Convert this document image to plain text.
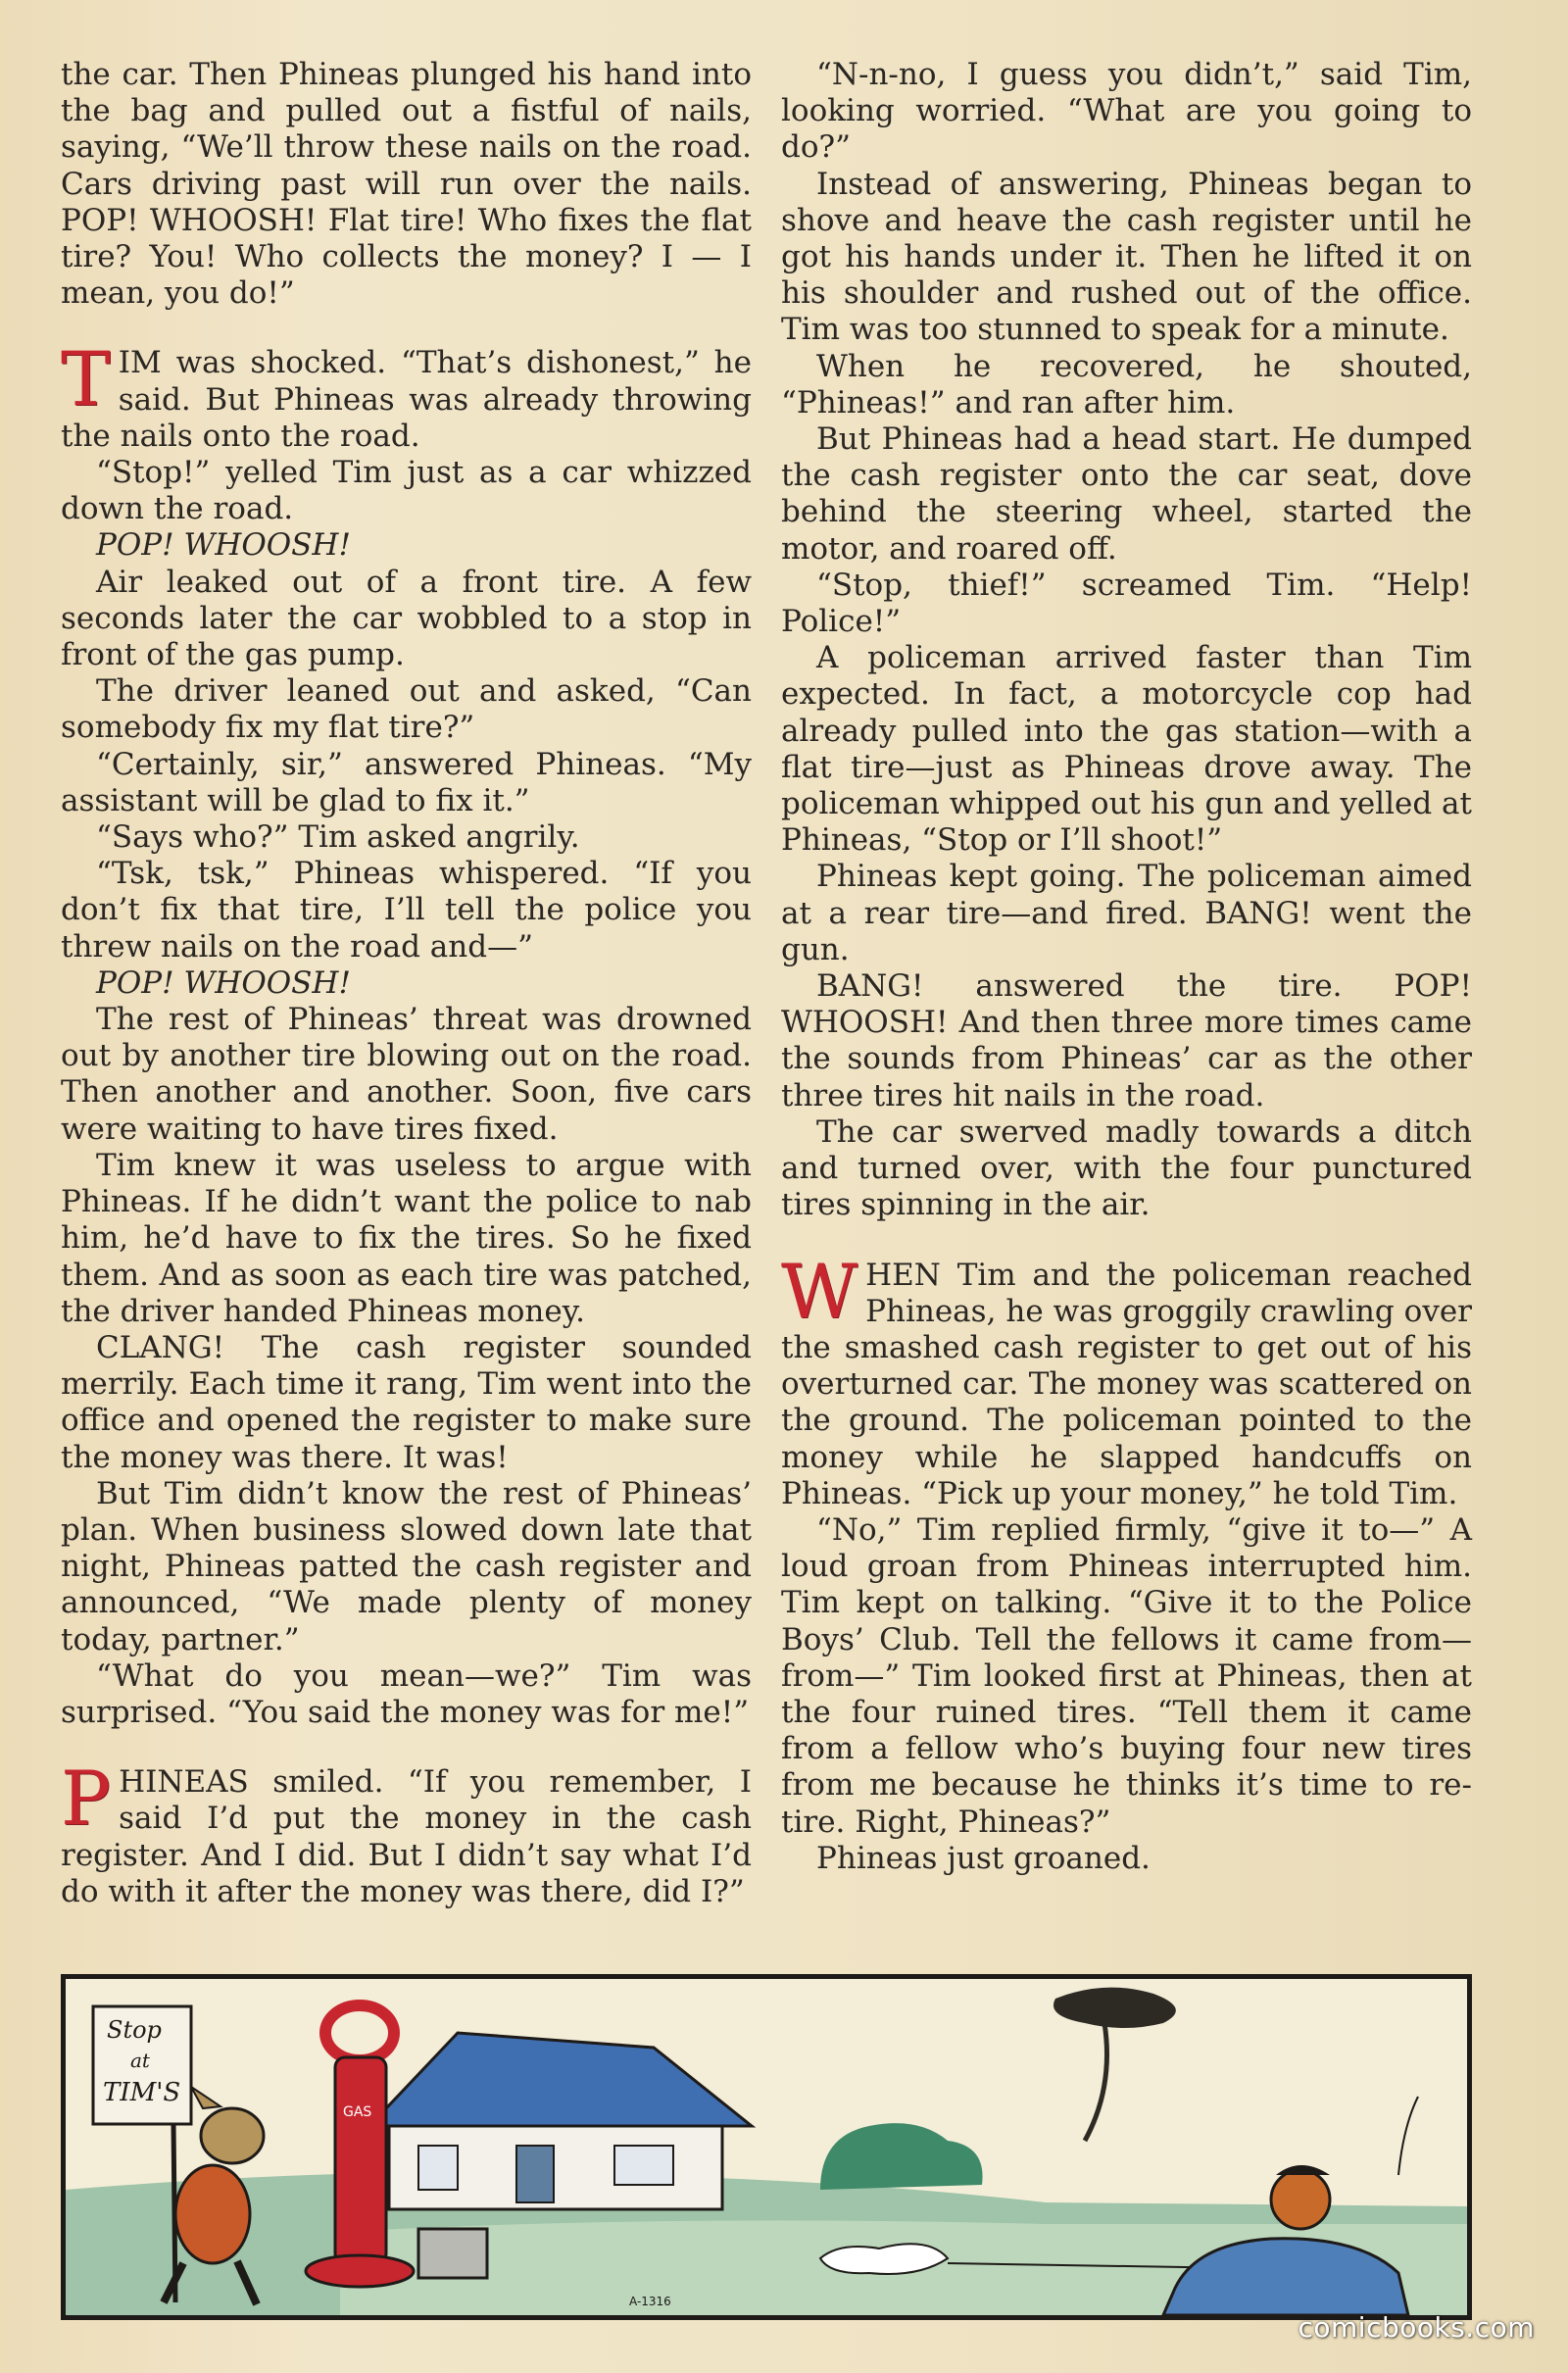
the car. Then Phineas plunged his hand into the bag and pulled out a fistful of nails, saying, “We’ll throw these nails on the road. Cars driving past will run over the nails. POP! WHOOSH! Flat tire! Who fixes the flat tire? You! Who collects the money? I — I mean, you do!”

TIM was shocked. “That’s dishonest,” he said. But Phineas was already throwing the nails onto the road.

“Stop!” yelled Tim just as a car whizzed down the road.

POP! WHOOSH!

Air leaked out of a front tire. A few seconds later the car wobbled to a stop in front of the gas pump.

The driver leaned out and asked, “Can somebody fix my flat tire?”

“Certainly, sir,” answered Phineas. “My assistant will be glad to fix it.”

“Says who?” Tim asked angrily.

“Tsk, tsk,” Phineas whispered. “If you don’t fix that tire, I’ll tell the police you threw nails on the road and—”

POP! WHOOSH!

The rest of Phineas’ threat was drowned out by another tire blowing out on the road. Then another and another. Soon, five cars were waiting to have tires fixed.

Tim knew it was useless to argue with Phineas. If he didn’t want the police to nab him, he’d have to fix the tires. So he fixed them. And as soon as each tire was patched, the driver handed Phineas money.

CLANG! The cash register sounded merrily. Each time it rang, Tim went into the office and opened the register to make sure the money was there. It was!

But Tim didn’t know the rest of Phineas’ plan. When business slowed down late that night, Phineas patted the cash register and announced, “We made plenty of money today, partner.”

“What do you mean—we?” Tim was surprised. “You said the money was for me!”

PHINEAS smiled. “If you remember, I said I’d put the money in the cash register. And I did. But I didn’t say what I’d do with it after the money was there, did I?”

“N-n-no, I guess you didn’t,” said Tim, looking worried. “What are you going to do?”

Instead of answering, Phineas began to shove and heave the cash register until he got his hands under it. Then he lifted it on his shoulder and rushed out of the office. Tim was too stunned to speak for a minute.

When he recovered, he shouted, “Phineas!” and ran after him.

But Phineas had a head start. He dumped the cash register onto the car seat, dove behind the steering wheel, started the motor, and roared off.

“Stop, thief!” screamed Tim. “Help! Police!”

A policeman arrived faster than Tim expected. In fact, a motorcycle cop had already pulled into the gas station—with a flat tire—just as Phineas drove away. The policeman whipped out his gun and yelled at Phineas, “Stop or I’ll shoot!”

Phineas kept going. The policeman aimed at a rear tire—and fired. BANG! went the gun.

BANG! answered the tire. POP! WHOOSH! And then three more times came the sounds from Phineas’ car as the other three tires hit nails in the road.

The car swerved madly towards a ditch and turned over, with the four punctured tires spinning in the air.

WHEN Tim and the policeman reached Phineas, he was groggily crawling over the smashed cash register to get out of his overturned car. The money was scattered on the ground. The policeman pointed to the money while he slapped handcuffs on Phineas. “Pick up your money,” he told Tim.

“No,” Tim replied firmly, “give it to—” A loud groan from Phineas interrupted him. Tim kept on talking. “Give it to the Police Boys’ Club. Tell the fellows it came from—from—” Tim looked first at Phineas, then at the four ruined tires. “Tell them it came from a fellow who’s buying four new tires from me because he thinks it’s time to re-tire. Right, Phineas?”

Phineas just groaned.

Stop
at
TIM'S
GAS
A-1316
comicbooks.com
